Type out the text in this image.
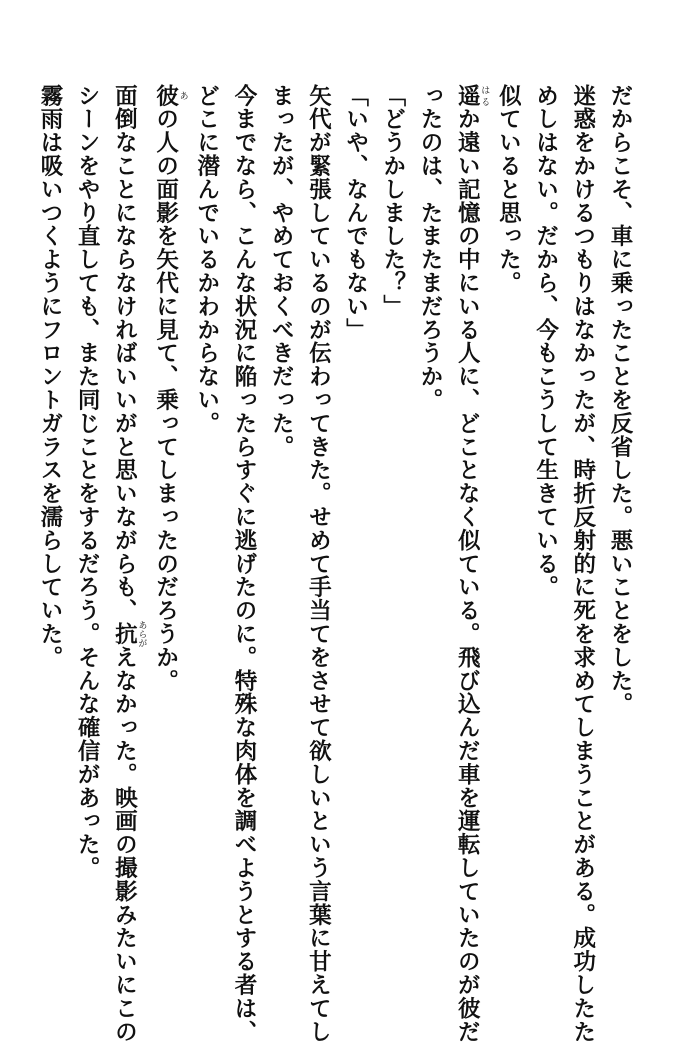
だからこそ、車に乗ったことを反省した。悪いことをした。
迷惑をかけるつもりはなかったが、時折反射的に死を求めてしまうことがある。成功したた
めしはない。だから、今もこうして生きている。
似ていると思った。
遥 はるか遠い記憶の中にいる人に、どことなく似ている。飛び込んだ車を運転していたのが彼だ
ったのは、たまたまだろうか。
「どうかしました？」
「いや、なんでもない」
矢代が緊張しているのが伝わってきた。せめて手当てをさせて欲しいという言葉に甘えてし
まったが、やめておくべきだった。
今までなら、こんな状況に陥ったらすぐに逃げたのに。特殊な肉体を調べようとする者は、
どこに潜んでいるかわからない。
彼 あの人の面影を矢代に見て、乗ってしまったのだろうか。
面倒なことにならなければいいがと思いながらも、抗 あらがえなかった。映画の撮影みたいにこの
シーンをやり直しても、また同じことをするだろう。そんな確信があった。
霧雨は吸いつくようにフロントガラスを濡らしていた。
